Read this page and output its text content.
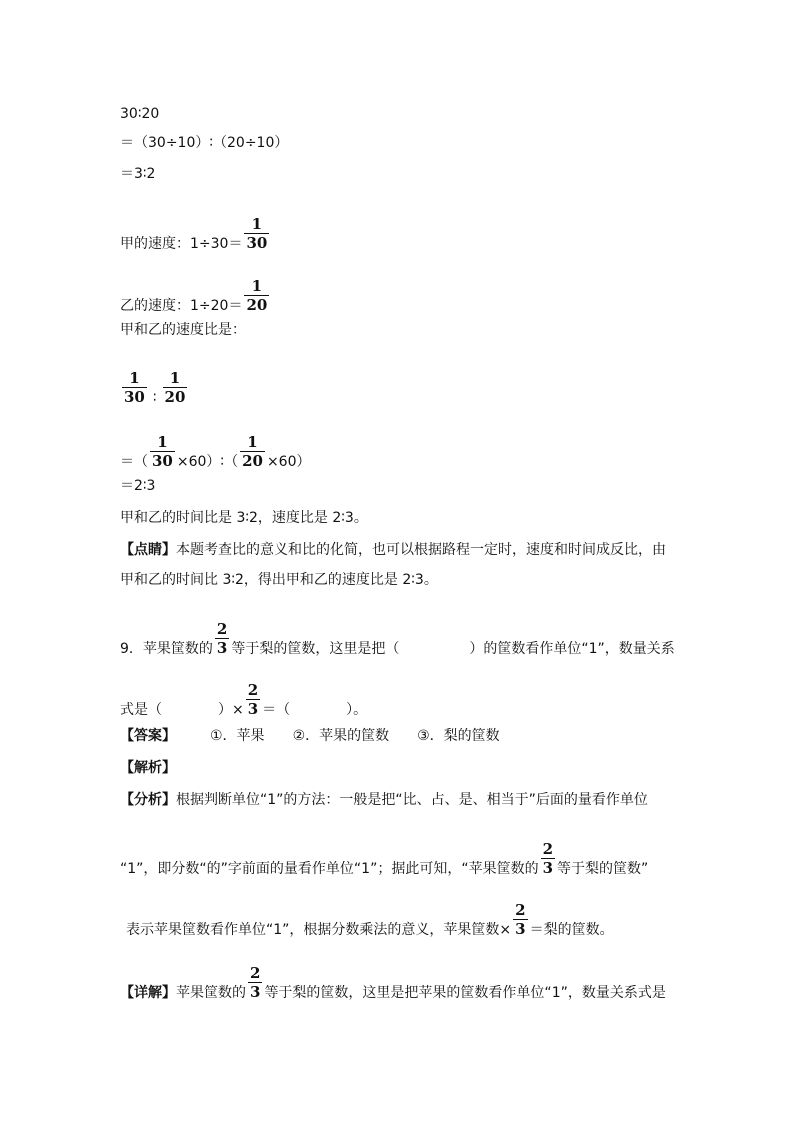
30∶20
＝（30÷10）∶（20÷10）
＝3∶2
甲的速度：$1\div 30= \frac{1}{30}$
乙的速度：$1\div 20= \frac{1}{20}$
甲和乙的速度比是：
$\frac{1}{30}$ ∶ $\frac{1}{20}$
＝（ $\frac{1}{30}$ ×60）∶（ $\frac{1}{20} \times 60$）
＝2∶3
甲和乙的时间比是 3∶2，速度比是 2∶3。
【点睛】本题考查比的意义和比的化简，也可以根据路程一定时，速度和时间成反比，由
甲和乙的时间比 3∶2，得出甲和乙的速度比是 2∶3。
9．苹果筐数的 $\frac{2}{3}$ 等于梨的筐数，这里是把（　　　　　）的筐数看作单位“1”，数量关系
式是（　　　　）× $\frac{2}{3}$ ＝（　　　　）。
【答案】 ①．苹果 ②．苹果的筐数 ③．梨的筐数
【解析】
【分析】根据判断单位“1”的方法：一般是把“比、占、是、相当于”后面的量看作单位
“1”，即分数“的”字前面的量看作单位“1”；据此可知，“苹果筐数的 $\frac{2}{3}$ 等于梨的筐数”
表示苹果筐数看作单位“1”，根据分数乘法的意义，苹果筐数× $\frac{2}{3}$ ＝梨的筐数。
【详解】苹果筐数的 $\frac{2}{3}$ 等于梨的筐数，这里是把苹果的筐数看作单位“1”，数量关系式是
